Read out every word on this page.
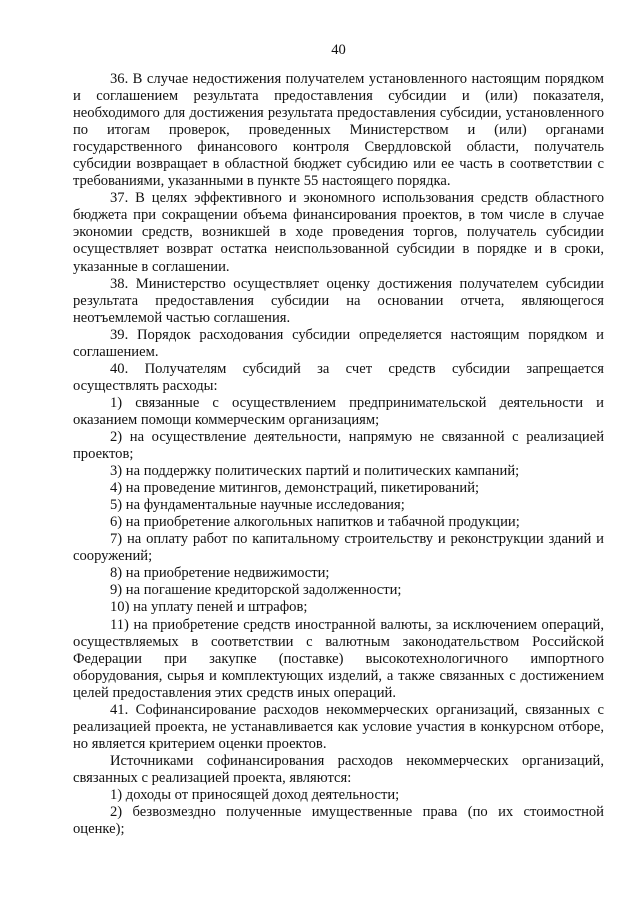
40

36. В случае недостижения получателем установленного настоящим порядком и соглашением результата предоставления субсидии и (или) показателя, необходимого для достижения результата предоставления субсидии, установленного по итогам проверок, проведенных Министерством и (или) органами государственного финансового контроля Свердловской области, получатель субсидии возвращает в областной бюджет субсидию или ее часть в соответствии с требованиями, указанными в пункте 55 настоящего порядка.

37. В целях эффективного и экономного использования средств областного бюджета при сокращении объема финансирования проектов, в том числе в случае экономии средств, возникшей в ходе проведения торгов, получатель субсидии осуществляет возврат остатка неиспользованной субсидии в порядке и в сроки, указанные в соглашении.

38. Министерство осуществляет оценку достижения получателем субсидии результата предоставления субсидии на основании отчета, являющегося неотъемлемой частью соглашения.

39. Порядок расходования субсидии определяется настоящим порядком и соглашением.

40. Получателям субсидий за счет средств субсидии запрещается осуществлять расходы:

1) связанные с осуществлением предпринимательской деятельности и оказанием помощи коммерческим организациям;

2) на осуществление деятельности, напрямую не связанной с реализацией проектов;

3) на поддержку политических партий и политических кампаний;

4) на проведение митингов, демонстраций, пикетирований;

5) на фундаментальные научные исследования;

6) на приобретение алкогольных напитков и табачной продукции;

7) на оплату работ по капитальному строительству и реконструкции зданий и сооружений;

8) на приобретение недвижимости;

9) на погашение кредиторской задолженности;

10) на уплату пеней и штрафов;

11) на приобретение средств иностранной валюты, за исключением операций, осуществляемых в соответствии с валютным законодательством Российской Федерации при закупке (поставке) высокотехнологичного импортного оборудования, сырья и комплектующих изделий, а также связанных с достижением целей предоставления этих средств иных операций.

41. Софинансирование расходов некоммерческих организаций, связанных с реализацией проекта, не устанавливается как условие участия в конкурсном отборе, но является критерием оценки проектов.

Источниками софинансирования расходов некоммерческих организаций, связанных с реализацией проекта, являются:

1) доходы от приносящей доход деятельности;

2) безвозмездно полученные имущественные права (по их стоимостной оценке);
